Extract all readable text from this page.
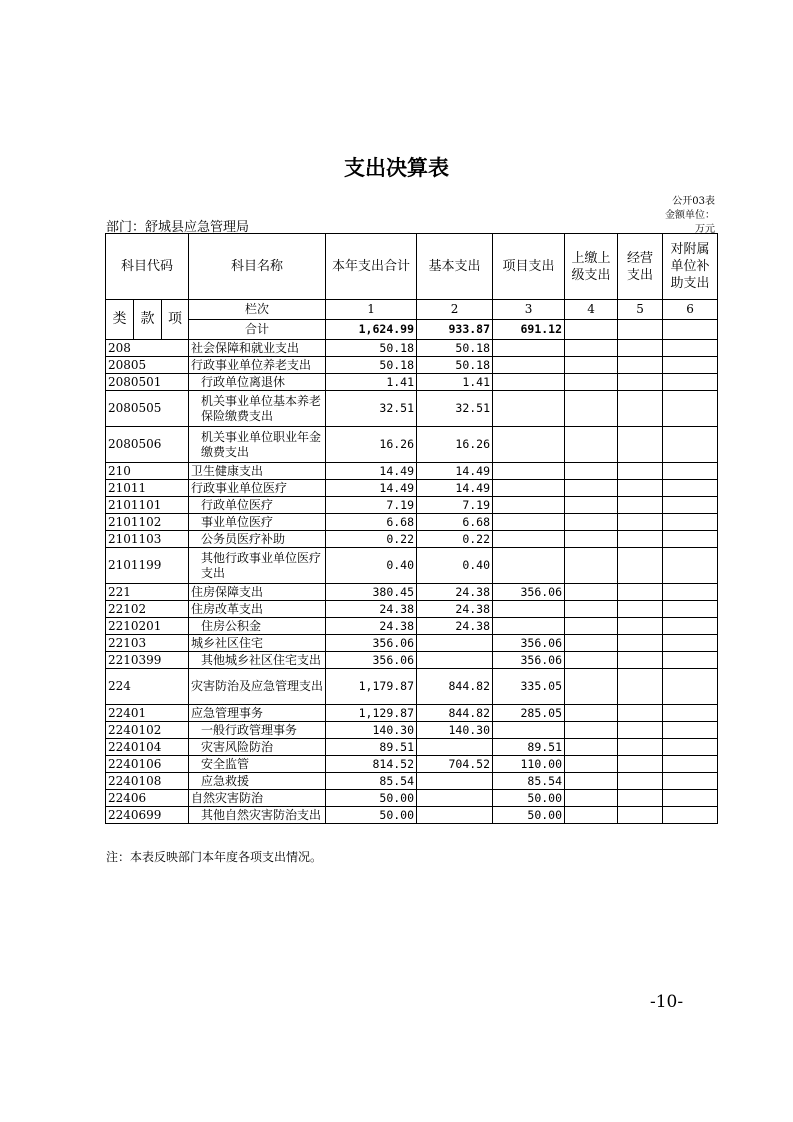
支出决算表
公开03表
金额单位：
万元
部门：舒城县应急管理局
科目代码			科目名称	本年支出合计	基本支出	项目支出	上缴上级支出	经营支出	对附属单位补助支出
类	款	项	栏次	1	2	3	4	5	6
			合计	1,624.99	933.87	691.12			
208			社会保障和就业支出	50.18	50.18				
20805			行政事业单位养老支出	50.18	50.18				
2080501			行政单位离退休	1.41	1.41				
2080505			机关事业单位基本养老保险缴费支出	32.51	32.51				
2080506			机关事业单位职业年金缴费支出	16.26	16.26				
210			卫生健康支出	14.49	14.49				
21011			行政事业单位医疗	14.49	14.49				
2101101			行政单位医疗	7.19	7.19				
2101102			事业单位医疗	6.68	6.68				
2101103			公务员医疗补助	0.22	0.22				
2101199			其他行政事业单位医疗支出	0.40	0.40				
221			住房保障支出	380.45	24.38	356.06			
22102			住房改革支出	24.38	24.38				
2210201			住房公积金	24.38	24.38				
22103			城乡社区住宅	356.06		356.06			
2210399			其他城乡社区住宅支出	356.06		356.06			
224			灾害防治及应急管理支出	1,179.87	844.82	335.05			
22401			应急管理事务	1,129.87	844.82	285.05			
2240102			一般行政管理事务	140.30	140.30				
2240104			灾害风险防治	89.51		89.51			
2240106			安全监管	814.52	704.52	110.00			
2240108			应急救援	85.54		85.54			
22406			自然灾害防治	50.00		50.00			
2240699			其他自然灾害防治支出	50.00		50.00			
注：本表反映部门本年度各项支出情况。
-10-
